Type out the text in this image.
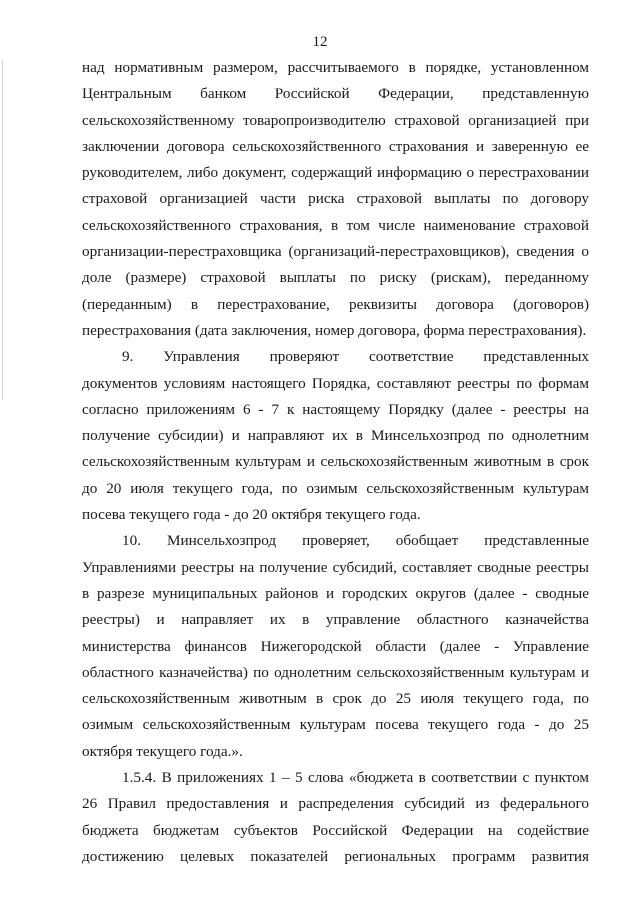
12
над нормативным размером, рассчитываемого в порядке, установленном
Центральным банком Российской Федерации, представленную
сельскохозяйственному товаропроизводителю страховой организацией при
заключении договора сельскохозяйственного страхования и заверенную ее
руководителем, либо документ, содержащий информацию о перестраховании
страховой организацией части риска страховой выплаты по договору
сельскохозяйственного страхования, в том числе наименование страховой
организации-перестраховщика (организаций-перестраховщиков), сведения о
доле (размере) страховой выплаты по риску (рискам), переданному
(переданным) в перестрахование, реквизиты договора (договоров)
перестрахования (дата заключения, номер договора, форма перестрахования).
9. Управления проверяют соответствие представленных
документов условиям настоящего Порядка, составляют реестры по формам
согласно приложениям 6 - 7 к настоящему Порядку (далее - реестры на
получение субсидии) и направляют их в Минсельхозпрод по однолетним
сельскохозяйственным культурам и сельскохозяйственным животным в срок
до 20 июля текущего года, по озимым сельскохозяйственным культурам
посева текущего года - до 20 октября текущего года.
10. Минсельхозпрод проверяет, обобщает представленные
Управлениями реестры на получение субсидий, составляет сводные реестры
в разрезе муниципальных районов и городских округов (далее - сводные
реестры) и направляет их в управление областного казначейства
министерства финансов Нижегородской области (далее - Управление
областного казначейства) по однолетним сельскохозяйственным культурам и
сельскохозяйственным животным в срок до 25 июля текущего года, по
озимым сельскохозяйственным культурам посева текущего года - до 25
октября текущего года.».
1.5.4. В приложениях 1 – 5 слова «бюджета в соответствии с пунктом
26 Правил предоставления и распределения субсидий из федерального
бюджета бюджетам субъектов Российской Федерации на содействие
достижению целевых показателей региональных программ развития
